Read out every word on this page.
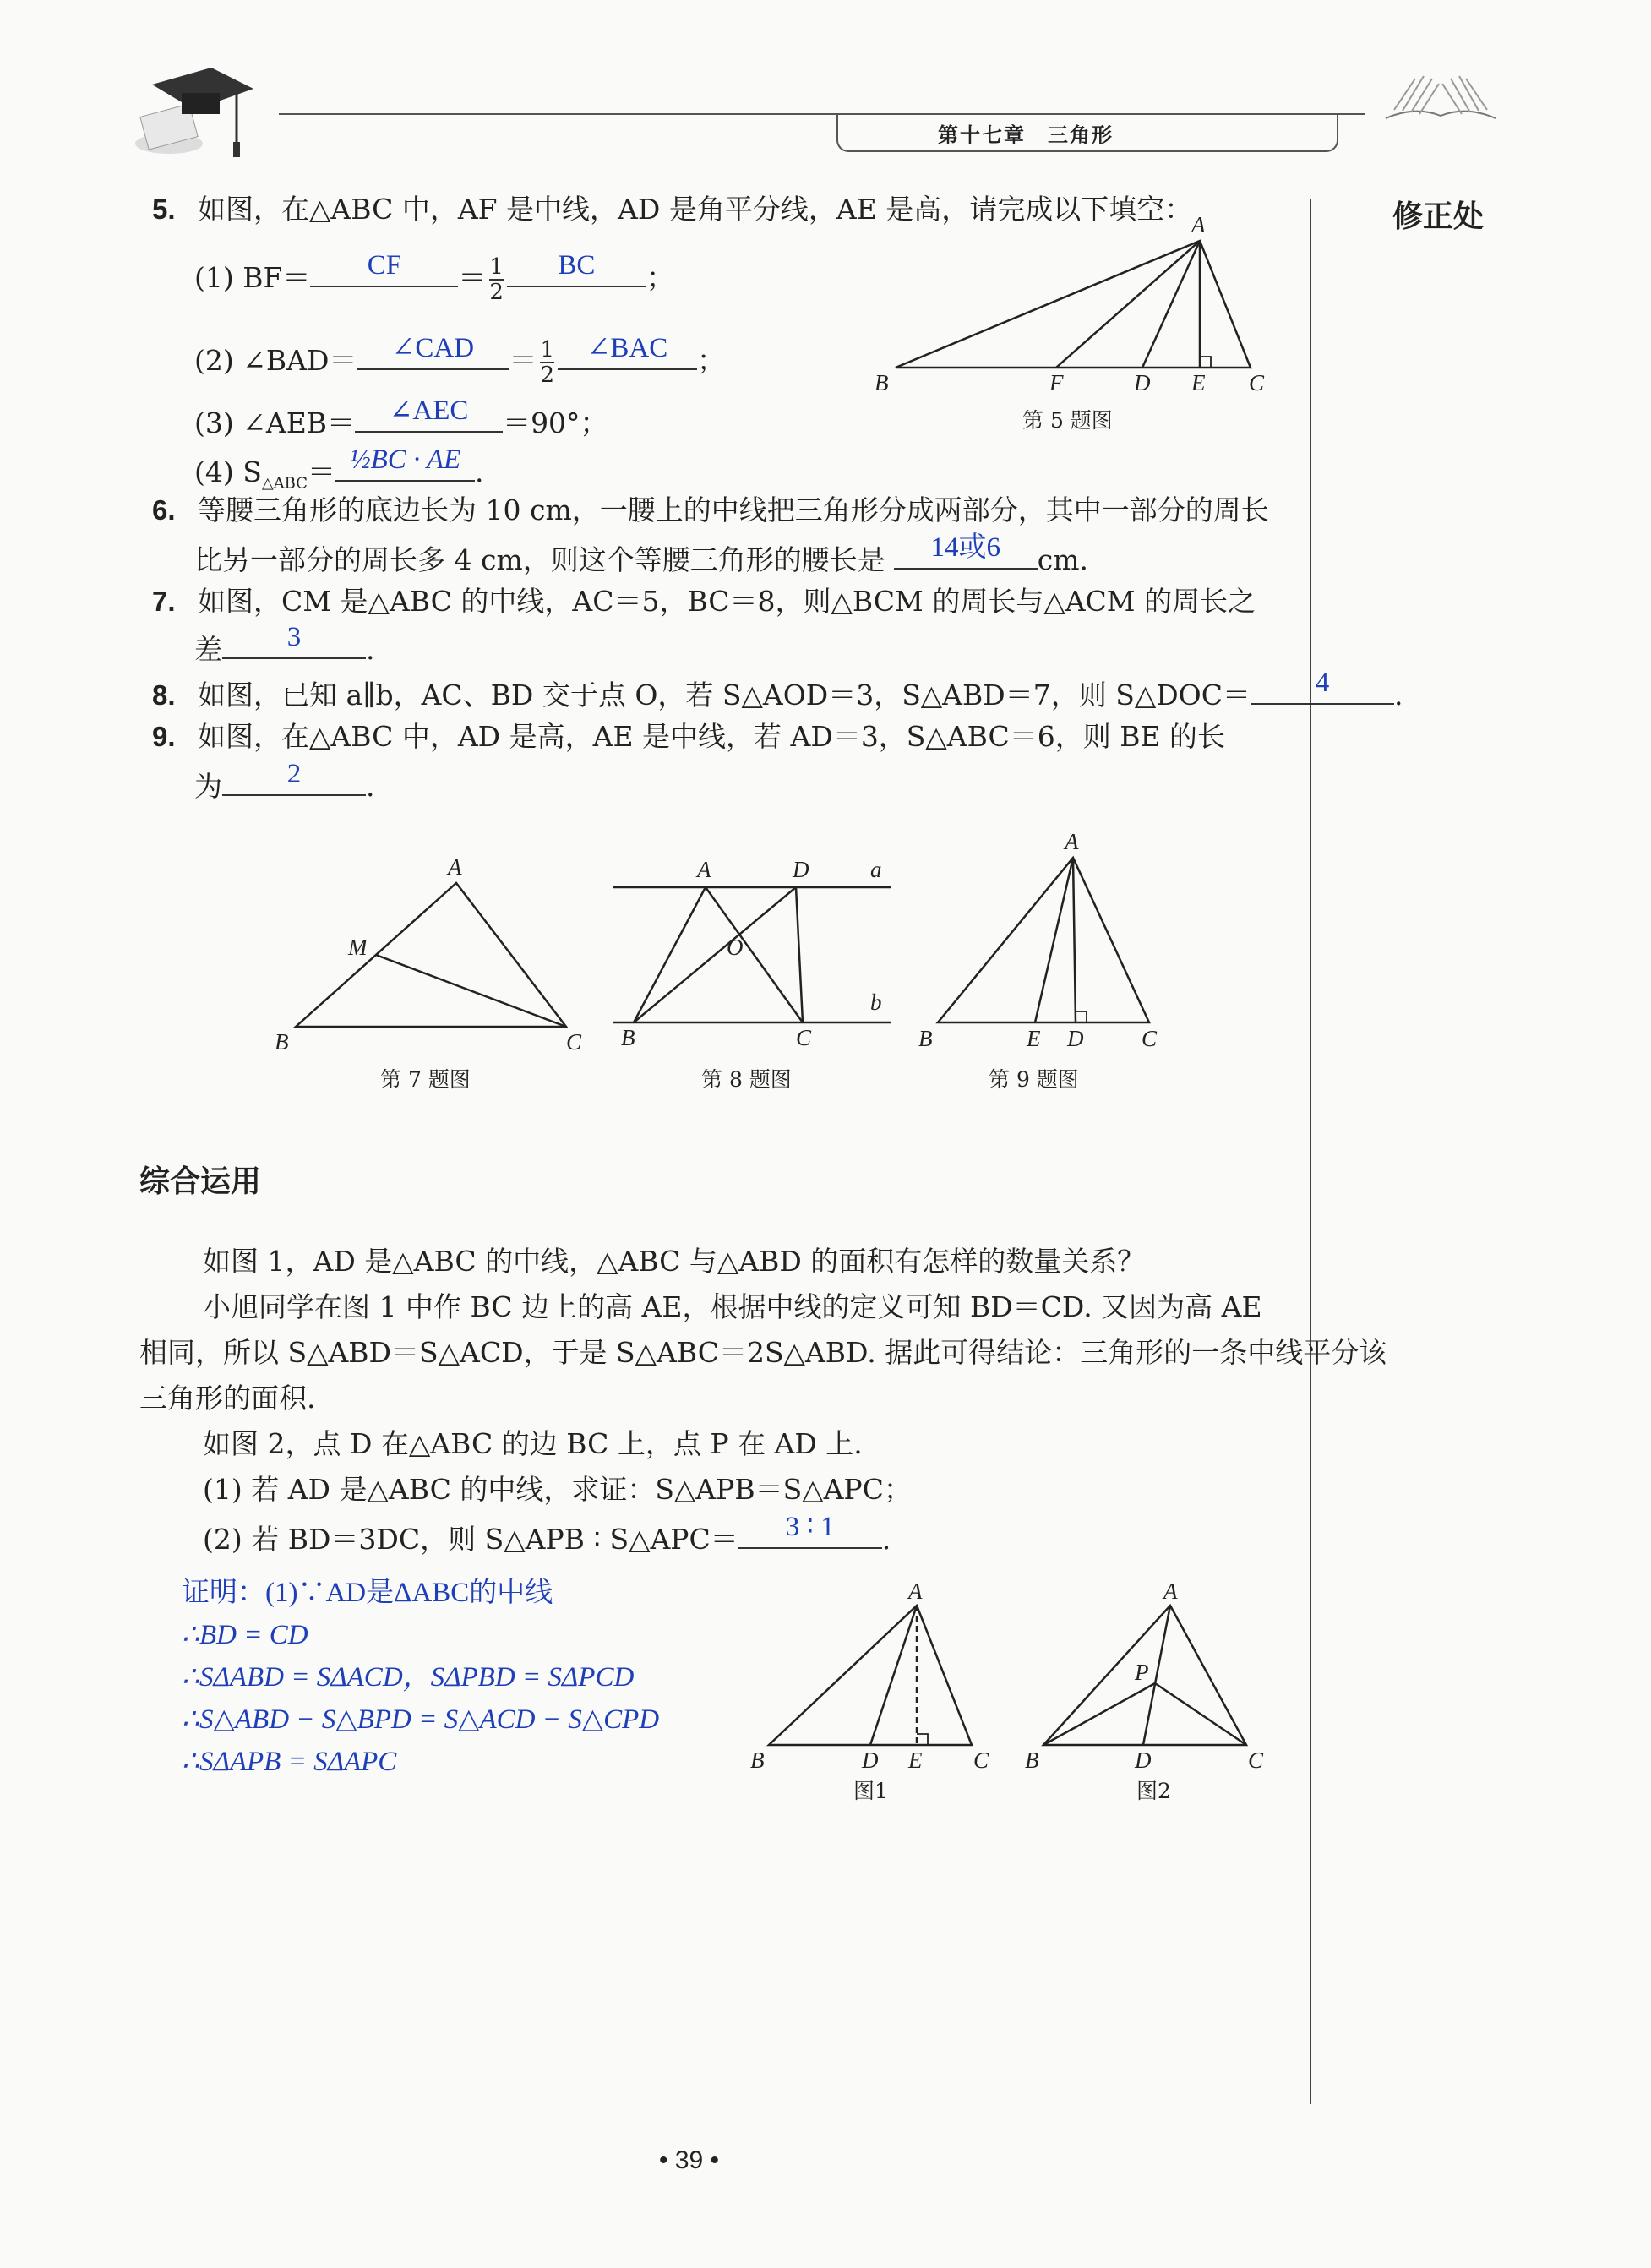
第十七章　三角形
修正处
5. 如图，在△ABC 中，AF 是中线，AD 是角平分线，AE 是高，请完成以下填空：
(1) BF＝	CF	＝ $\frac{1}{2}$	BC	；
(2) ∠BAD＝	∠CAD	＝ $\frac{1}{2}$	∠BAC	；
(3) ∠AEB＝	∠AEC	＝90°；
(4) $S_{\triangle ABC}=$ ½BC · AE .
A
B	F	D E C
第 5 题图
6. 等腰三角形的底边长为 10 cm，一腰上的中线把三角形分成两部分，其中一部分的周长
比另一部分的周长多 4 cm，则这个等腰三角形的腰长是	14或6	cm.
7. 如图，CM 是△ABC 的中线，AC＝5，BC＝8，则△BCM 的周长与△ACM 的周长之
差	3	.
8. 如图，已知 a∥b，AC、BD 交于点 O，若 S△AOD＝3，S△ABD＝7，则 S△DOC＝	4	.
9. 如图，在△ABC 中，AD 是高，AE 是中线，若 AD＝3，S△ABC＝6，则 BE 的长
为	2	.
A
M
B	C
第 7 题图
A	D	a
O
b
B	C
第 8 题图
A
B	E D	C
第 9 题图
综合运用
如图 1，AD 是△ABC 的中线，△ABC 与△ABD 的面积有怎样的数量关系？
小旭同学在图 1 中作 BC 边上的高 AE，根据中线的定义可知 BD＝CD. 又因为高 AE
相同，所以 S△ABD＝S△ACD，于是 S△ABC＝2S△ABD. 据此可得结论：三角形的一条中线平分该
三角形的面积.
如图 2，点 D 在△ABC 的边 BC 上，点 P 在 AD 上.
(1) 若 AD 是△ABC 的中线，求证：S△APB＝S△APC；
(2) 若 BD＝3DC，则 S△APB ∶ S△APC＝	3 ∶ 1	.
证明：(1)∵AD是ΔABC的中线
∴BD = CD
∴SΔABD = SΔACD，SΔPBD = SΔPCD
∴S△ABD − S△BPD = S△ACD − S△CPD
∴SΔAPB = SΔAPC
A
B	D E C
图1
A
P
B	D	C
图2
• 39 •
